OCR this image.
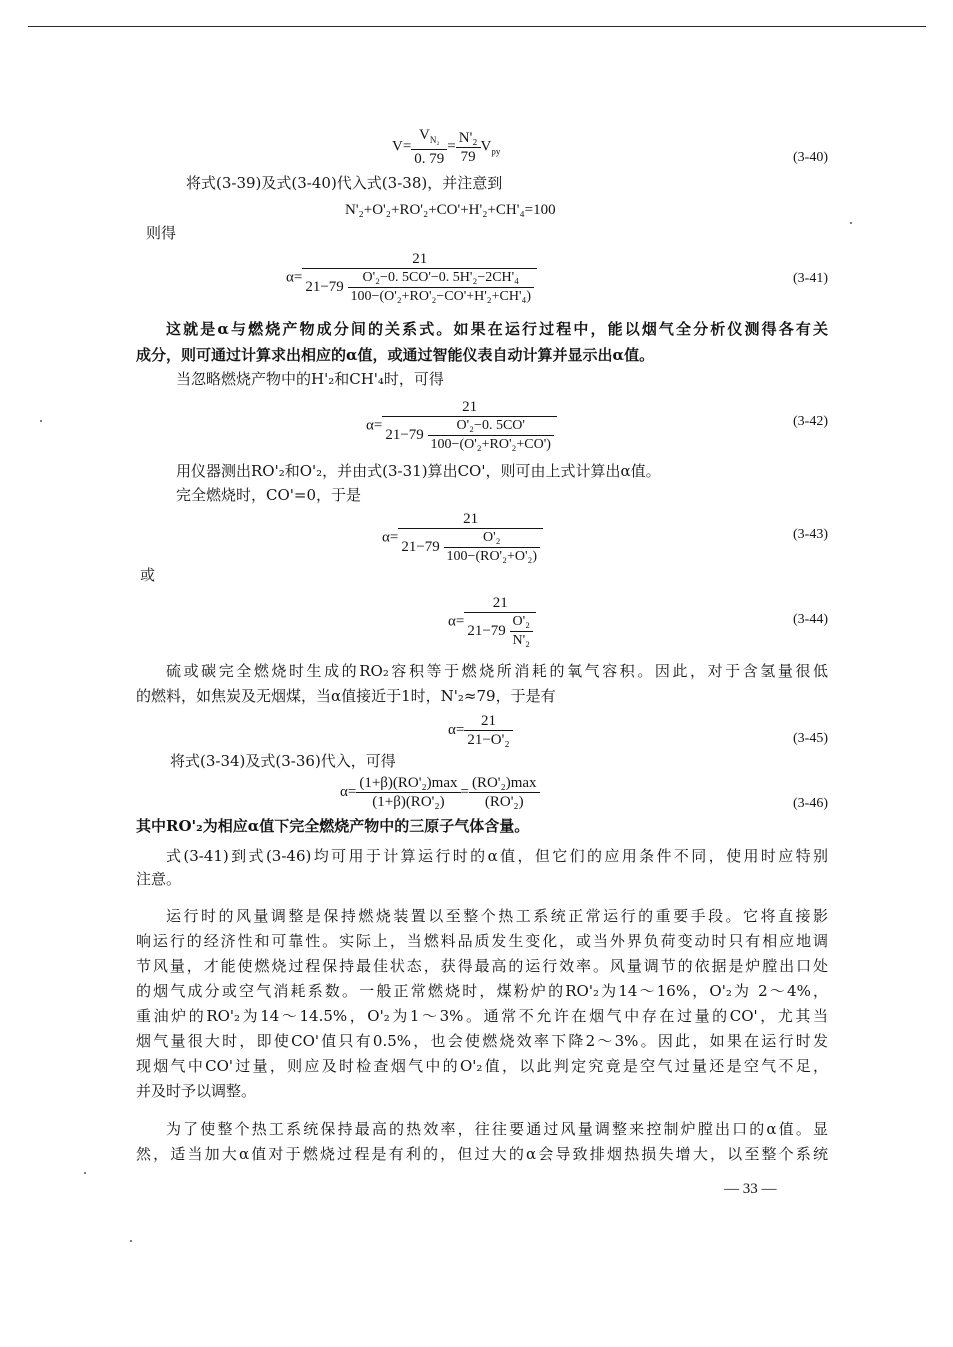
$V= \frac{V_{N_2}}{0. 79} = \frac{\text{N'₂}}{79} V_{py}$	(3-40)
将式(3-39)及式(3-40)代入式(3-38)，并注意到
N'₂+O'₂+RO'₂+CO'+H'₂+CH'₄=100
则得
$\alpha= \frac{21}{21-79 \frac{\text{O'₂−0. 5CO'−0. 5H'₂−2CH'₄}}{\text{100−(O'₂+RO'₂−CO'+H'₂+CH'₄)}}}$	(3-41)
这就是α与燃烧产物成分间的关系式。如果在运行过程中，能以烟气全分析仪测得各有关
成分，则可通过计算求出相应的α值，或通过智能仪表自动计算并显示出α值。
当忽略燃烧产物中的H'₂和CH'₄时，可得
$\alpha= \frac{21}{21-79 \frac{\text{O'₂−0. 5CO'}}{\text{100−(O'₂+RO'₂+CO')}}}$	(3-42)
用仪器测出RO'₂和O'₂，并由式(3-31)算出CO'，则可由上式计算出α值。
完全燃烧时，CO'=0，于是
$\alpha= \frac{21}{21-79 \frac{\text{O'₂}}{\text{100−(RO'₂+O'₂)}}}$	(3-43)
或
$\alpha= \frac{21}{21-79 \frac{\text{O'₂}}{\text{N'₂}}}$	(3-44)
硫或碳完全燃烧时生成的RO₂容积等于燃烧所消耗的氧气容积。因此，对于含氢量很低
的燃料，如焦炭及无烟煤，当α值接近于1时，N'₂≈79，于是有
$\alpha= \frac{21}{\text{21−O'₂}}$	(3-45)
将式(3-34)及式(3-36)代入，可得
$\alpha= \frac{\text{(1+β)(RO'₂)max}}{\text{(1+β)(RO'₂)}} = \frac{\text{(RO'₂)max}}{\text{(RO'₂)}}$	(3-46)
其中RO'₂为相应α值下完全燃烧产物中的三原子气体含量。
式(3-41)到式(3-46)均可用于计算运行时的α值，但它们的应用条件不同，使用时应特别
注意。
运行时的风量调整是保持燃烧装置以至整个热工系统正常运行的重要手段。它将直接影
响运行的经济性和可靠性。实际上，当燃料品质发生变化，或当外界负荷变动时只有相应地调
节风量，才能使燃烧过程保持最佳状态，获得最高的运行效率。风量调节的依据是炉膛出口处
的烟气成分或空气消耗系数。一般正常燃烧时，煤粉炉的RO'₂为14～16%，O'₂为 2～4%，
重油炉的RO'₂为14～14.5%，O'₂为1～3%。通常不允许在烟气中存在过量的CO'，尤其当
烟气量很大时，即使CO'值只有0.5%，也会使燃烧效率下降2～3%。因此，如果在运行时发
现烟气中CO'过量，则应及时检查烟气中的O'₂值，以此判定究竟是空气过量还是空气不足，
并及时予以调整。
为了使整个热工系统保持最高的热效率，往往要通过风量调整来控制炉膛出口的α值。显
然，适当加大α值对于燃烧过程是有利的，但过大的α会导致排烟热损失增大，以至整个系统
— 33 —
